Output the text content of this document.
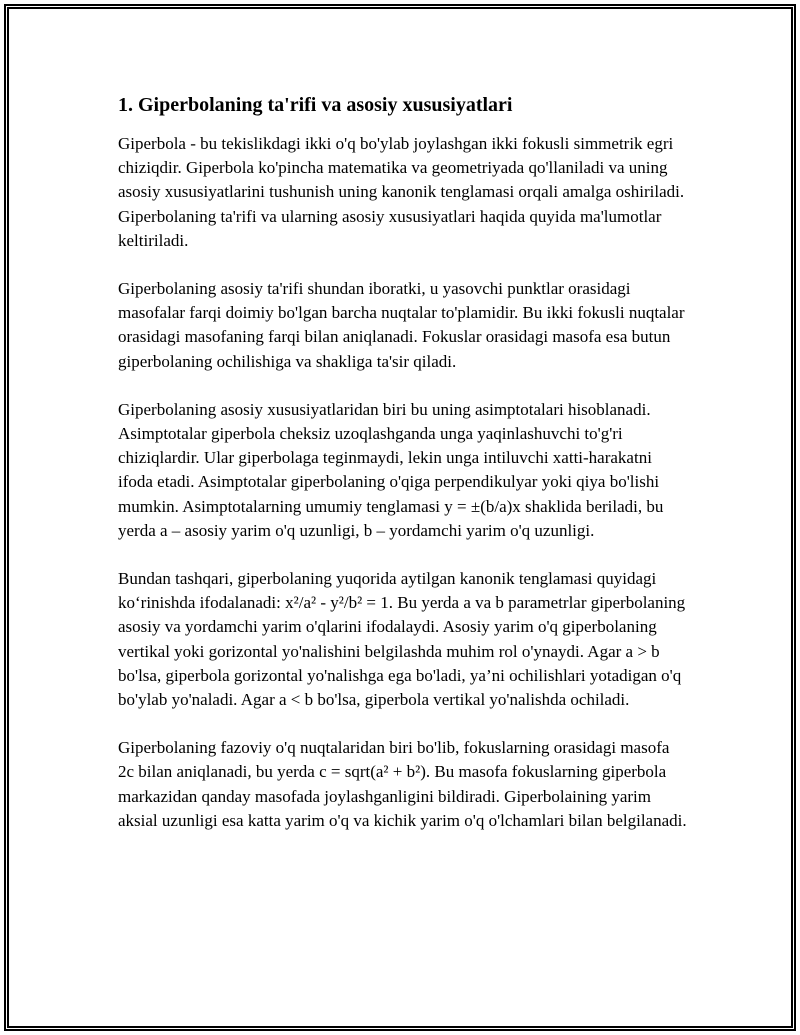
1. Giperbolaning ta'rifi va asosiy xususiyatlari

Giperbola - bu tekislikdagi ikki o'q bo'ylab joylashgan ikki fokusli simmetrik egri chiziqdir. Giperbola ko'pincha matematika va geometriyada qo'llaniladi va uning asosiy xususiyatlarini tushunish uning kanonik tenglamasi orqali amalga oshiriladi. Giperbolaning ta'rifi va ularning asosiy xususiyatlari haqida quyida ma'lumotlar keltiriladi.

Giperbolaning asosiy ta'rifi shundan iboratki, u yasovchi punktlar orasidagi masofalar farqi doimiy bo'lgan barcha nuqtalar to'plamidir. Bu ikki fokusli nuqtalar orasidagi masofaning farqi bilan aniqlanadi. Fokuslar orasidagi masofa esa butun giperbolaning ochilishiga va shakliga ta'sir qiladi.

Giperbolaning asosiy xususiyatlaridan biri bu uning asimptotalari hisoblanadi. Asimptotalar giperbola cheksiz uzoqlashganda unga yaqinlashuvchi to'g'ri chiziqlardir. Ular giperbolaga teginmaydi, lekin unga intiluvchi xatti-harakatni ifoda etadi. Asimptotalar giperbolaning o'qiga perpendikulyar yoki qiya bo'lishi mumkin. Asimptotalarning umumiy tenglamasi y = ±(b/a)x shaklida beriladi, bu yerda a – asosiy yarim o'q uzunligi, b – yordamchi yarim o'q uzunligi.

Bundan tashqari, giperbolaning yuqorida aytilgan kanonik tenglamasi quyidagi ko‘rinishda ifodalanadi: x²/a² - y²/b² = 1. Bu yerda a va b parametrlar giperbolaning asosiy va yordamchi yarim o'qlarini ifodalaydi. Asosiy yarim o'q giperbolaning vertikal yoki gorizontal yo'nalishini belgilashda muhim rol o'ynaydi. Agar a > b bo'lsa, giperbola gorizontal yo'nalishga ega bo'ladi, ya’ni ochilishlari yotadigan o'q bo'ylab yo'naladi. Agar a < b bo'lsa, giperbola vertikal yo'nalishda ochiladi.

Giperbolaning fazoviy o'q nuqtalaridan biri bo'lib, fokuslarning orasidagi masofa 2c bilan aniqlanadi, bu yerda c = sqrt(a² + b²). Bu masofa fokuslarning giperbola markazidan qanday masofada joylashganligini bildiradi. Giperbolaining yarim aksial uzunligi esa katta yarim o'q va kichik yarim o'q o'lchamlari bilan belgilanadi.
